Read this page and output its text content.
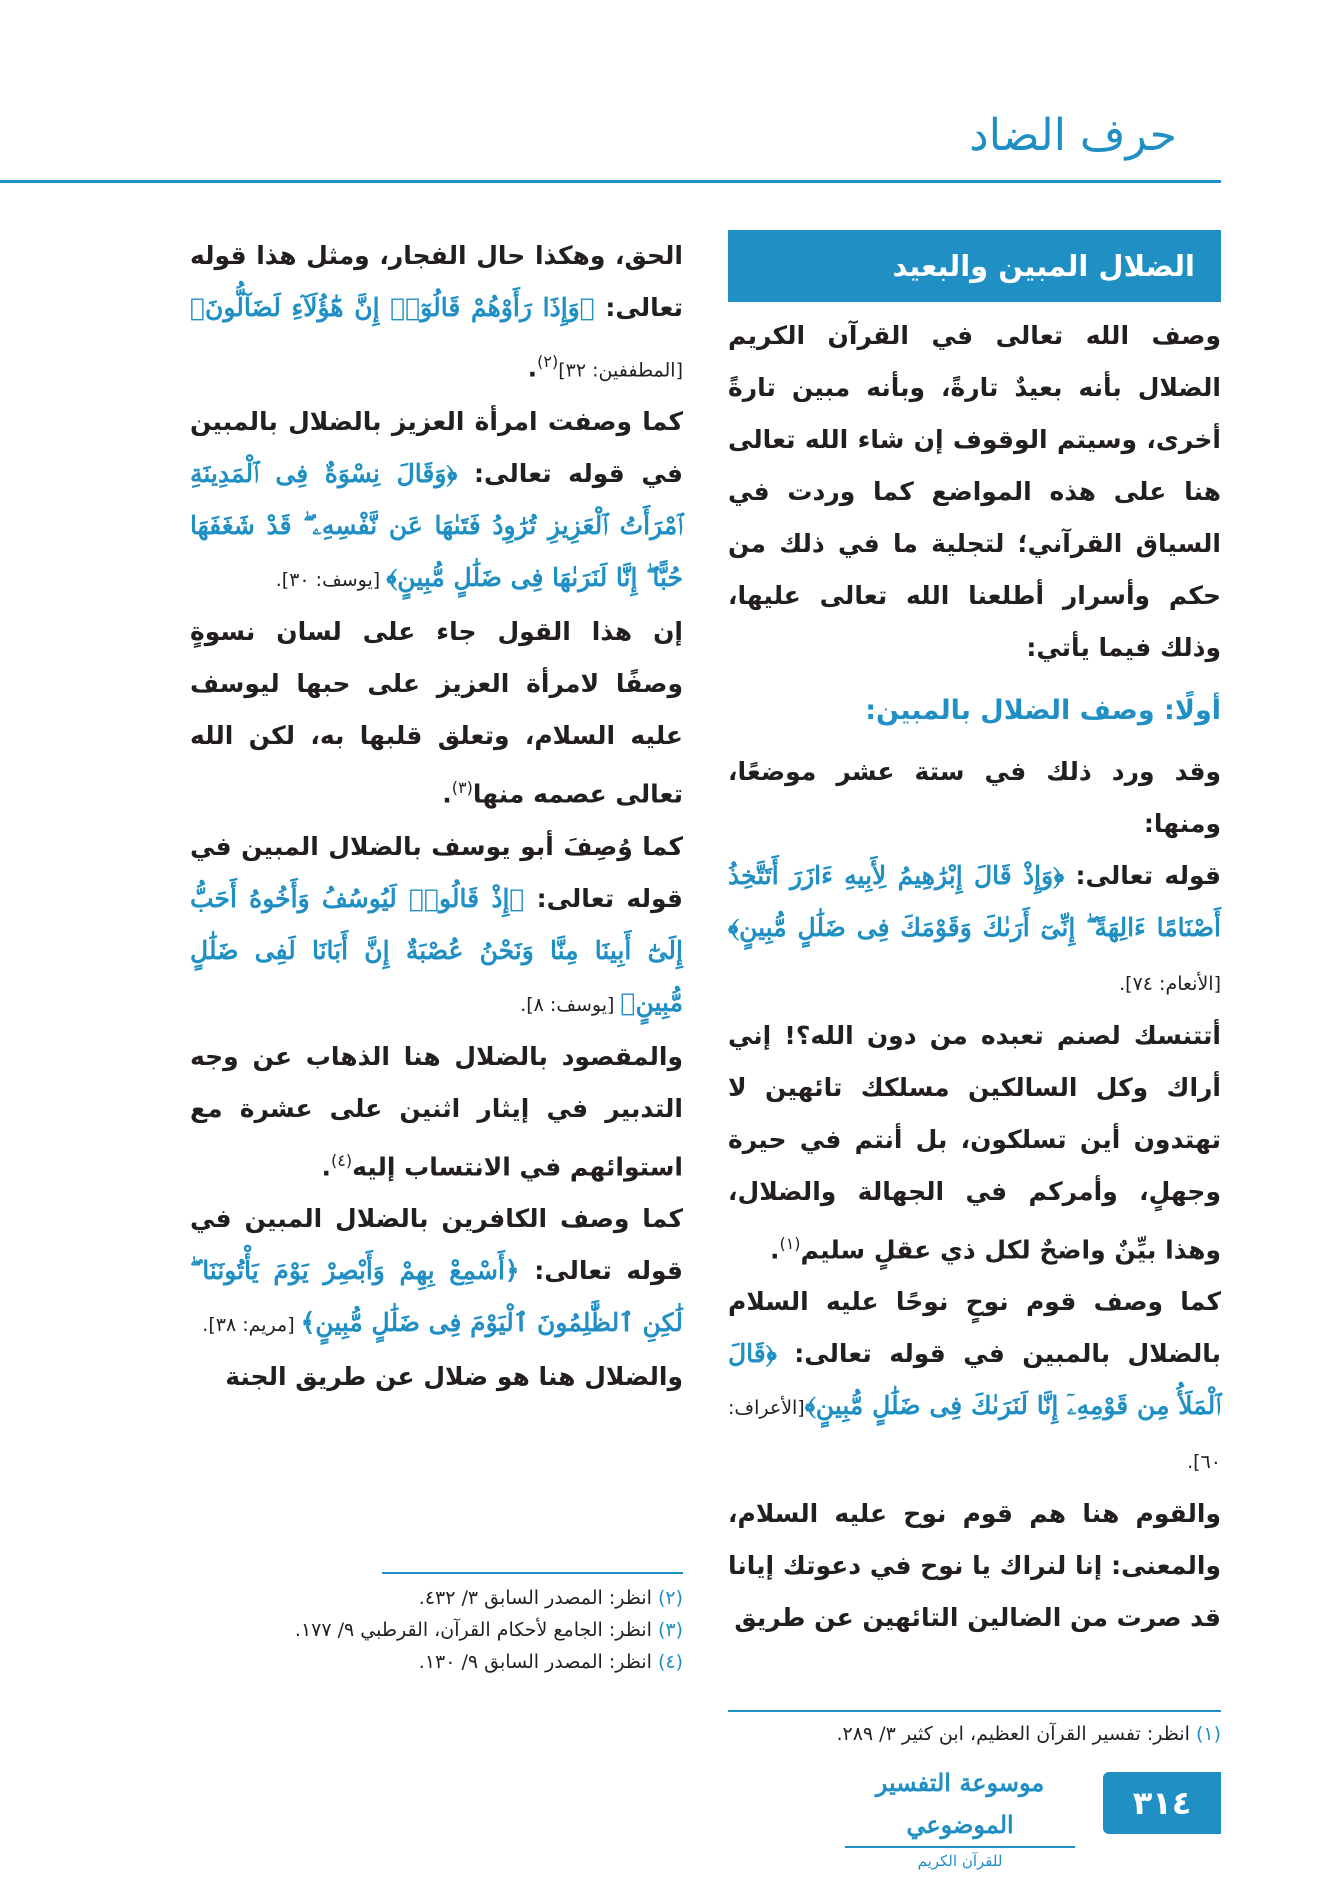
حرف الضاد
الضلال المبين والبعيد

وصف الله تعالى في القرآن الكريم الضلال بأنه بعيدٌ تارةً، وبأنه مبين تارةً أخرى، وسيتم الوقوف إن شاء الله تعالى هنا على هذه المواضع كما وردت في السياق القرآني؛ لتجلية ما في ذلك من حكم وأسرار أطلعنا الله تعالى عليها، وذلك فيما يأتي:

أولًا: وصف الضلال بالمبين:

وقد ورد ذلك في ستة عشر موضعًا، ومنها:

قوله تعالى: ﴿وَإِذْ قَالَ إِبْرَٰهِيمُ لِأَبِيهِ ءَازَرَ أَتَتَّخِذُ أَصْنَامًا ءَالِهَةً ۖ إِنِّىٓ أَرَىٰكَ وَقَوْمَكَ فِى ضَلَٰلٍ مُّبِينٍ﴾ [الأنعام: ٧٤].

أتتنسك لصنم تعبده من دون الله؟! إني أراك وكل السالكين مسلكك تائهين لا تهتدون أين تسلكون، بل أنتم في حيرة وجهلٍ، وأمركم في الجهالة والضلال، وهذا بيِّنٌ واضحٌ لكل ذي عقلٍ سليم$^{(١)}$.

كما وصف قوم نوحٍ نوحًا عليه السلام بالضلال بالمبين في قوله تعالى: ﴿قَالَ ٱلْمَلَأُ مِن قَوْمِهِۦٓ إِنَّا لَنَرَىٰكَ فِى ضَلَٰلٍ مُّبِينٍ﴾[الأعراف: ٦٠].

والقوم هنا هم قوم نوح عليه السلام، والمعنى: إنا لنراك يا نوح في دعوتك إيانا قد صرت من الضالين التائهين عن طريق

(١) انظر: تفسير القرآن العظيم، ابن كثير ٣/ ٢٨٩.

الحق، وهكذا حال الفجار، ومثل هذا قوله تعالى: ﴿وَإِذَا رَأَوْهُمْ قَالُوٓا۟ إِنَّ هَٰٓؤُلَآءِ لَضَآلُّونَ﴾ [المطففين: ٣٢]$^{(٢)}$.

كما وصفت امرأة العزيز بالضلال بالمبين في قوله تعالى: ﴿وَقَالَ نِسْوَةٌ فِى ٱلْمَدِينَةِ ٱمْرَأَتُ ٱلْعَزِيزِ تُرَٰوِدُ فَتَىٰهَا عَن نَّفْسِهِۦ ۖ قَدْ شَغَفَهَا حُبًّا ۖ إِنَّا لَنَرَىٰهَا فِى ضَلَٰلٍ مُّبِينٍ﴾ [يوسف: ٣٠].

إن هذا القول جاء على لسان نسوةٍ وصفًا لامرأة العزيز على حبها ليوسف عليه السلام، وتعلق قلبها به، لكن الله تعالى عصمه منها$^{(٣)}$.

كما وُصِفَ أبو يوسف بالضلال المبين في قوله تعالى: ﴿إِذْ قَالُوا۟ لَيُوسُفُ وَأَخُوهُ أَحَبُّ إِلَىٰٓ أَبِينَا مِنَّا وَنَحْنُ عُصْبَةٌ إِنَّ أَبَانَا لَفِى ضَلَٰلٍ مُّبِينٍ﴾ [يوسف: ٨].

والمقصود بالضلال هنا الذهاب عن وجه التدبير في إيثار اثنين على عشرة مع استوائهم في الانتساب إليه$^{(٤)}$.

كما وصف الكافرين بالضلال المبين في قوله تعالى: ﴿أَسْمِعْ بِهِمْ وَأَبْصِرْ يَوْمَ يَأْتُونَنَا ۖ لَٰكِنِ ٱلظَّٰلِمُونَ ٱلْيَوْمَ فِى ضَلَٰلٍ مُّبِينٍ﴾ [مريم: ٣٨].

والضلال هنا هو ضلال عن طريق الجنة

(٢) انظر: المصدر السابق ٣/ ٤٣٢.
(٣) انظر: الجامع لأحكام القرآن، القرطبي ٩/ ١٧٧.
(٤) انظر: المصدر السابق ٩/ ١٣٠.
موسوعة التفسير الموضوعي
للقرآن الكريم
٣١٤
